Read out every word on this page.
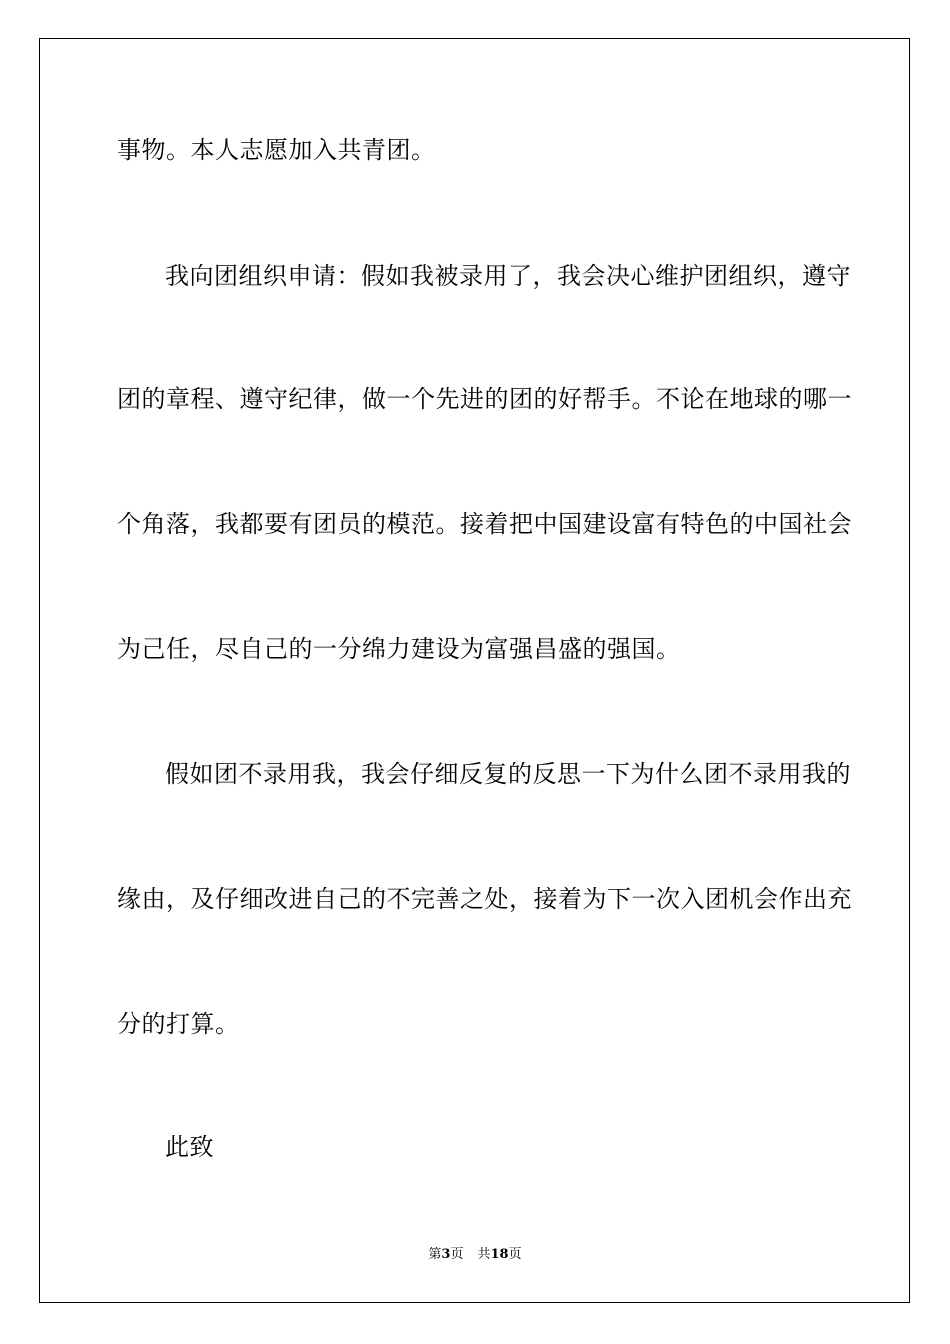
事物。本人志愿加入共青团。
我向团组织申请：假如我被录用了，我会决心维护团组织，遵守
团的章程、遵守纪律，做一个先进的团的好帮手。不论在地球的哪一
个角落，我都要有团员的模范。接着把中国建设富有特色的中国社会
为己任，尽自己的一分绵力建设为富强昌盛的强国。
假如团不录用我，我会仔细反复的反思一下为什么团不录用我的
缘由，及仔细改进自己的不完善之处，接着为下一次入团机会作出充
分的打算。
此致
第3页 共18页
